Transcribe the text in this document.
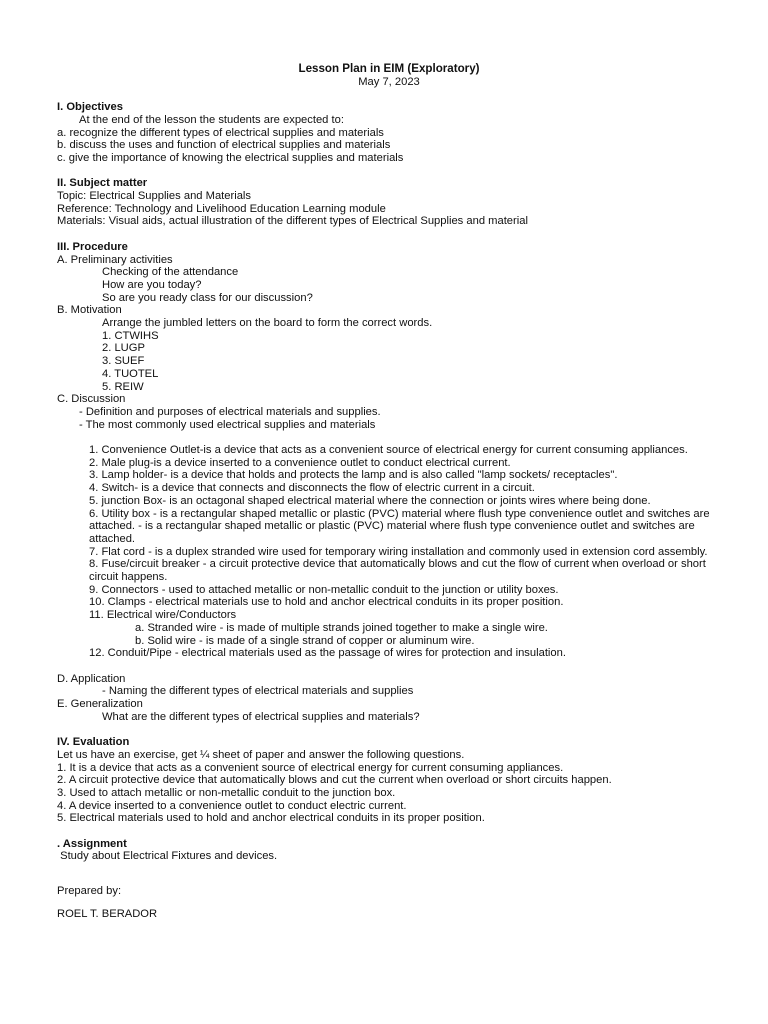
Lesson Plan in EIM (Exploratory)
May 7, 2023
I. Objectives
At the end of the lesson the students are expected to:
a. recognize the different types of electrical supplies and materials
b. discuss the uses and function of electrical supplies and materials
c. give the importance of knowing the electrical supplies and materials
II. Subject matter
Topic: Electrical Supplies and Materials
Reference: Technology and Livelihood Education Learning module
Materials: Visual aids, actual illustration of the different types of Electrical Supplies and material
III. Procedure
A. Preliminary activities
Checking of the attendance
How are you today?
So are you ready class for our discussion?
B. Motivation
Arrange the jumbled letters on the board to form the correct words.
1. CTWIHS
2. LUGP
3. SUEF
4. TUOTEL
5. REIW
C. Discussion
- Definition and purposes of electrical materials and supplies.
- The most commonly used electrical supplies and materials
1. Convenience Outlet-is a device that acts as a convenient source of electrical energy for current consuming appliances.
2. Male plug-is a device inserted to a convenience outlet to conduct electrical current.
3. Lamp holder- is a device that holds and protects the lamp and is also called "lamp sockets/ receptacles".
4. Switch- is a device that connects and disconnects the flow of electric current in a circuit.
5. junction Box- is an octagonal shaped electrical material where the connection or joints wires where being done.
6. Utility box - is a rectangular shaped metallic or plastic (PVC) material where flush type convenience outlet and switches are attached. - is a rectangular shaped metallic or plastic (PVC) material where flush type convenience outlet and switches are attached.
7. Flat cord - is a duplex stranded wire used for temporary wiring installation and commonly used in extension cord assembly.
8. Fuse/circuit breaker - a circuit protective device that automatically blows and cut the flow of current when overload or short circuit happens.
9. Connectors - used to attached metallic or non-metallic conduit to the junction or utility boxes.
10. Clamps - electrical materials use to hold and anchor electrical conduits in its proper position.
11. Electrical wire/Conductors
a. Stranded wire - is made of multiple strands joined together to make a single wire.
b. Solid wire - is made of a single strand of copper or aluminum wire.
12. Conduit/Pipe - electrical materials used as the passage of wires for protection and insulation.
D. Application
- Naming the different types of electrical materials and supplies
E. Generalization
What are the different types of electrical supplies and materials?
IV. Evaluation
Let us have an exercise, get ¼ sheet of paper and answer the following questions.
1. It is a device that acts as a convenient source of electrical energy for current consuming appliances.
2. A circuit protective device that automatically blows and cut the current when overload or short circuits happen.
3. Used to attach metallic or non-metallic conduit to the junction box.
4. A device inserted to a convenience outlet to conduct electric current.
5. Electrical materials used to hold and anchor electrical conduits in its proper position.
. Assignment
Study about Electrical Fixtures and devices.
Prepared by:
ROEL T. BERADOR
